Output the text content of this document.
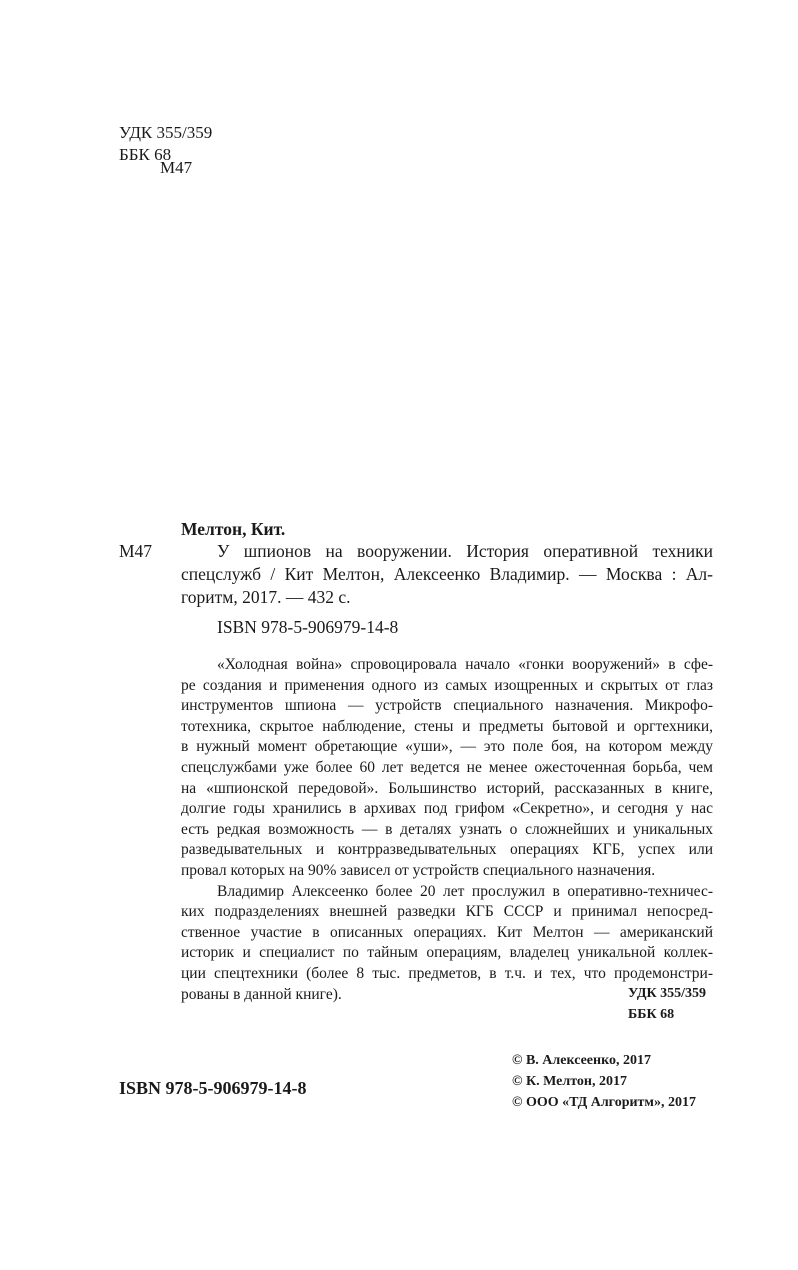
УДК 355/359
ББК 68
М47
Мелтон, Кит.
М47	У шпионов на вооружении. История оперативной техники
спецслужб / Кит Мелтон, Алексеенко Владимир. — Москва : Ал-
горитм, 2017. — 432 с.
ISBN 978-5-906979-14-8
«Холодная война» спровоцировала начало «гонки вооружений» в сфе-
ре создания и применения одного из самых изощренных и скрытых от глаз
инструментов шпиона — устройств специального назначения. Микрофо-
тотехника, скрытое наблюдение, стены и предметы бытовой и оргтехники,
в нужный момент обретающие «уши», — это поле боя, на котором между
спецслужбами уже более 60 лет ведется не менее ожесточенная борьба, чем
на «шпионской передовой». Большинство историй, рассказанных в книге,
долгие годы хранились в архивах под грифом «Секретно», и сегодня у нас
есть редкая возможность — в деталях узнать о сложнейших и уникальных
разведывательных и контрразведывательных операциях КГБ, успех или
провал которых на 90% зависел от устройств специального назначения.
Владимир Алексеенко более 20 лет прослужил в оперативно-техничес-
ких подразделениях внешней разведки КГБ СССР и принимал непосред-
ственное участие в описанных операциях. Кит Мелтон — американский
историк и специалист по тайным операциям, владелец уникальной коллек-
ции спецтехники (более 8 тыс. предметов, в т.ч. и тех, что продемонстри-
рованы в данной книге).	УДК 355/359
ББК 68
© В. Алексеенко, 2017
© К. Мелтон, 2017
© ООО «ТД Алгоритм», 2017
ISBN 978-5-906979-14-8
